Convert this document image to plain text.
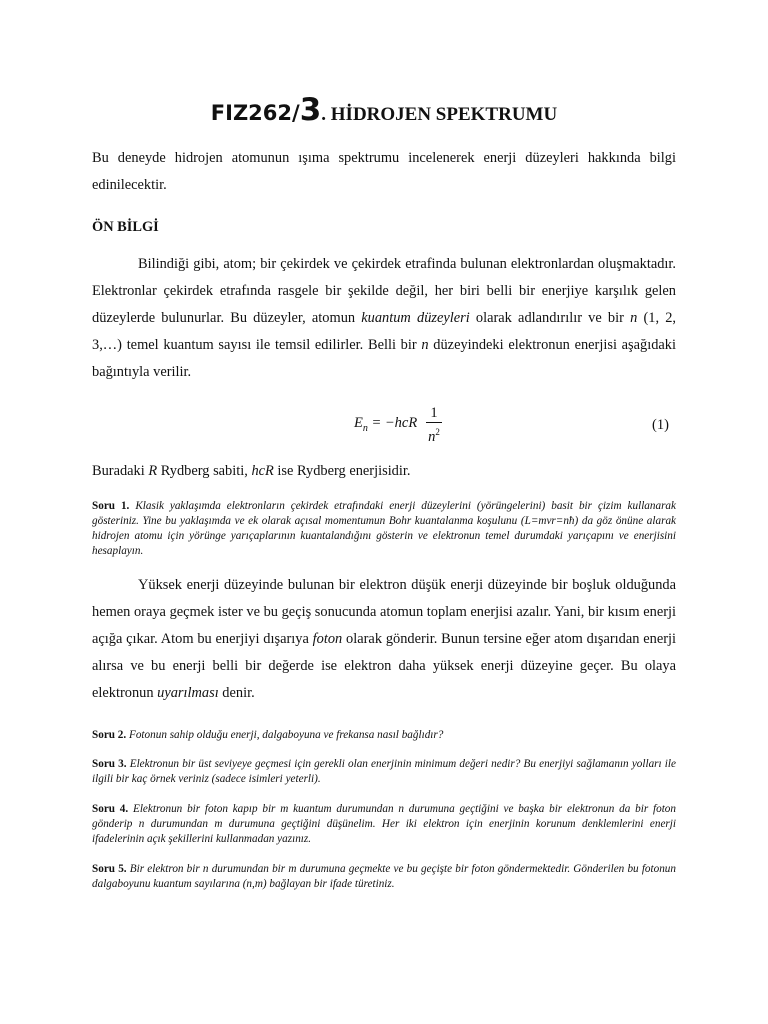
FIZ262/3. HİDROJEN SPEKTRUMU

Bu deneyde hidrojen atomunun ışıma spektrumu incelenerek enerji düzeyleri hakkında bilgi edinilecektir.

ÖN BİLGİ

Bilindiği gibi, atom; bir çekirdek ve çekirdek etrafinda bulunan elektronlardan oluşmaktadır. Elektronlar çekirdek etrafında rasgele bir şekilde değil, her biri belli bir enerjiye karşılık gelen düzeylerde bulunurlar. Bu düzeyler, atomun kuantum düzeyleri olarak adlandırılır ve bir n (1, 2, 3,…) temel kuantum sayısı ile temsil edilirler. Belli bir n düzeyindeki elektronun enerjisi aşağıdaki bağıntıyla verilir.

$E_n = -hcR$
1
$n^2$	(1)

Buradaki R Rydberg sabiti, hcR ise Rydberg enerjisidir.

Soru 1. Klasik yaklaşımda elektronların çekirdek etrafındaki enerji düzeylerini (yörüngelerini) basit bir çizim kullanarak gösteriniz. Yine bu yaklaşımda ve ek olarak açısal momentumun Bohr kuantalanma koşulunu (L=mvr=nħ) da göz önüne alarak hidrojen atomu için yörünge yarıçaplarının kuantalandığını gösterin ve elektronun temel durumdaki yarıçapını ve enerjisini hesaplayın.

Yüksek enerji düzeyinde bulunan bir elektron düşük enerji düzeyinde bir boşluk olduğunda hemen oraya geçmek ister ve bu geçiş sonucunda atomun toplam enerjisi azalır. Yani, bir kısım enerji açığa çıkar. Atom bu enerjiyi dışarıya foton olarak gönderir. Bunun tersine eğer atom dışarıdan enerji alırsa ve bu enerji belli bir değerde ise elektron daha yüksek enerji düzeyine geçer. Bu olaya elektronun uyarılması denir.

Soru 2. Fotonun sahip olduğu enerji, dalgaboyuna ve frekansa nasıl bağlıdır?

Soru 3. Elektronun bir üst seviyeye geçmesi için gerekli olan enerjinin minimum değeri nedir? Bu enerjiyi sağlamanın yolları ile ilgili bir kaç örnek veriniz (sadece isimleri yeterli).

Soru 4. Elektronun bir foton kapıp bir m kuantum durumundan n durumuna geçtiğini ve başka bir elektronun da bir foton gönderip n durumundan m durumuna geçtiğini düşünelim. Her iki elektron için enerjinin korunum denklemlerini enerji ifadelerinin açık şekillerini kullanmadan yazınız.

Soru 5. Bir elektron bir n durumundan bir m durumuna geçmekte ve bu geçişte bir foton göndermektedir. Gönderilen bu fotonun dalgaboyunu kuantum sayılarına (n,m) bağlayan bir ifade türetiniz.
